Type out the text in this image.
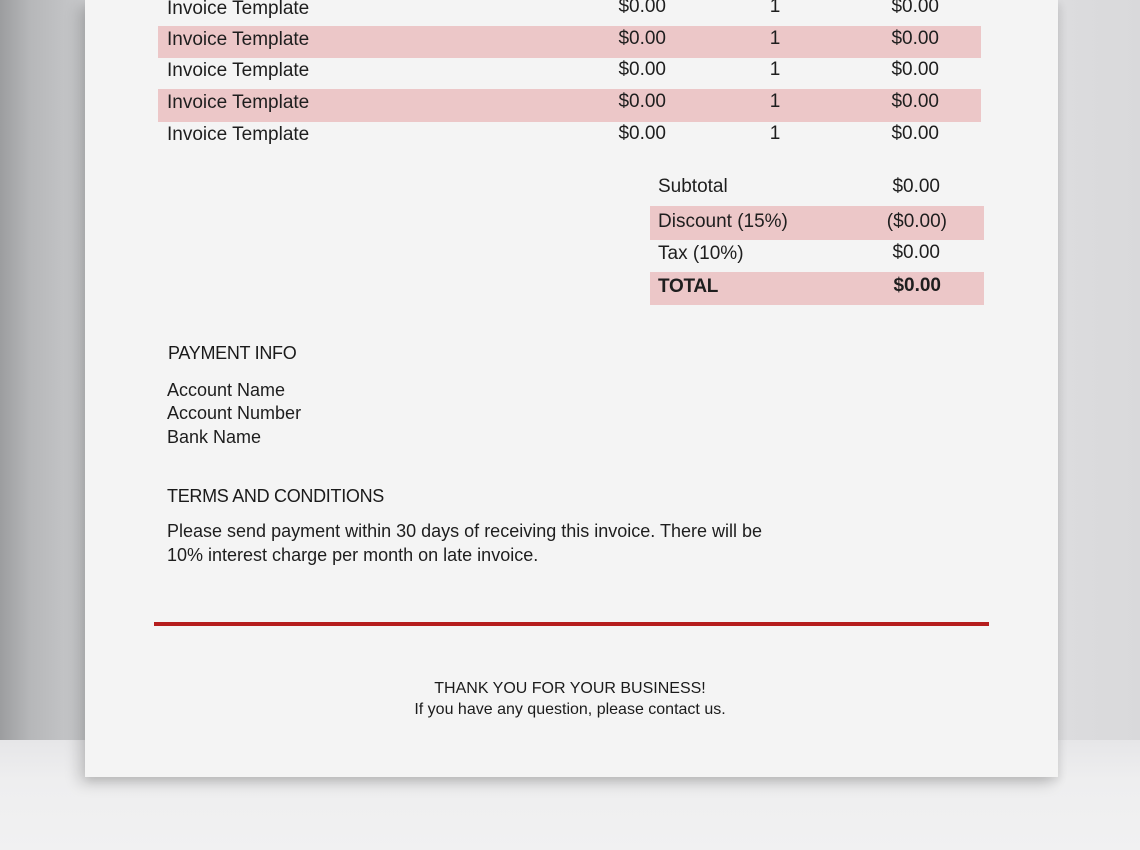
Invoice Template	$0.00	1	$0.00
Invoice Template	$0.00	1	$0.00
Invoice Template	$0.00	1	$0.00
Invoice Template	$0.00	1	$0.00
Invoice Template	$0.00	1	$0.00
Subtotal	$0.00
Discount (15%)	($0.00)
Tax (10%)	$0.00
TOTAL	$0.00
PAYMENT INFO
Account Name
Account Number
Bank Name
TERMS AND CONDITIONS
Please send payment within 30 days of receiving this invoice. There will be
10% interest charge per month on late invoice.
THANK YOU FOR YOUR BUSINESS!
If you have any question, please contact us.
